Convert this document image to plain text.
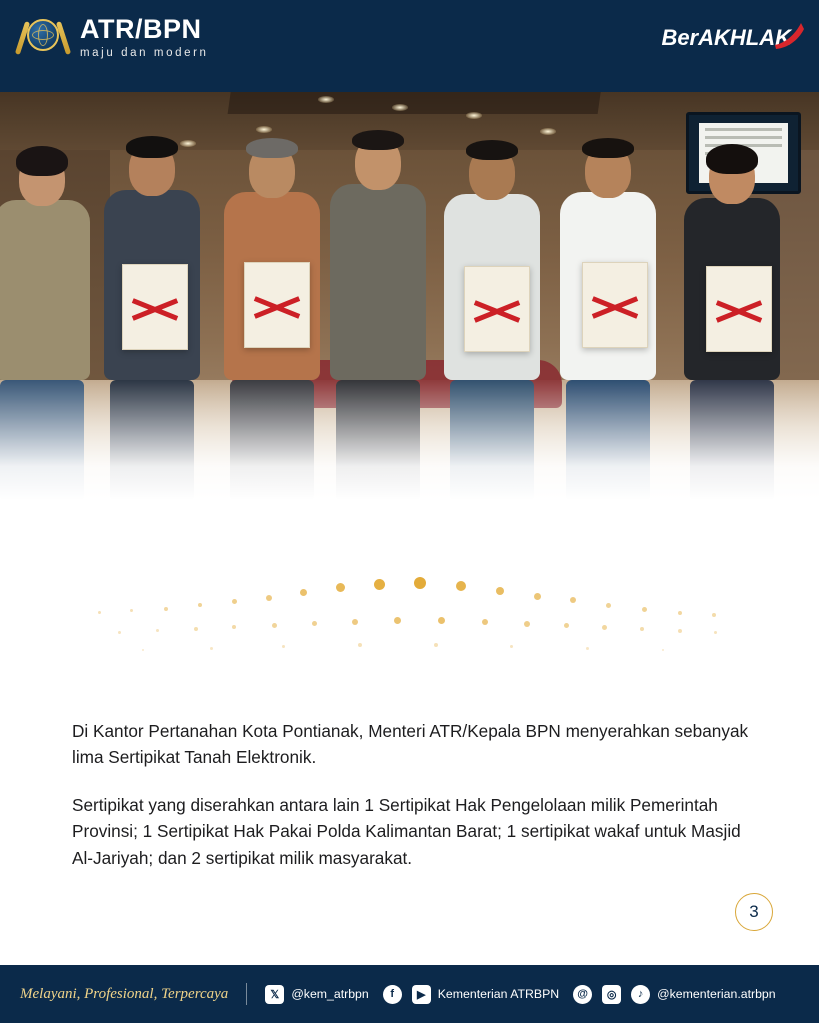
ATR/BPN
maju dan modern
BerAKHLAK

Di Kantor Pertanahan Kota Pontianak, Menteri ATR/Kepala BPN menyerahkan sebanyak lima Sertipikat Tanah Elektronik.

Sertipikat yang diserahkan antara lain 1 Sertipikat Hak Pengelolaan milik Pemerintah Provinsi; 1 Sertipikat Hak Pakai Polda Kalimantan Barat; 1 sertipikat wakaf untuk Masjid Al-Jariyah; dan 2 sertipikat milik masyarakat.

3
Melayani, Profesional, Terpercaya	𝕏 @kem_atrbpn	f	▶ Kementerian ATRBPN	@	◎	♪	@kementerian.atrbpn
